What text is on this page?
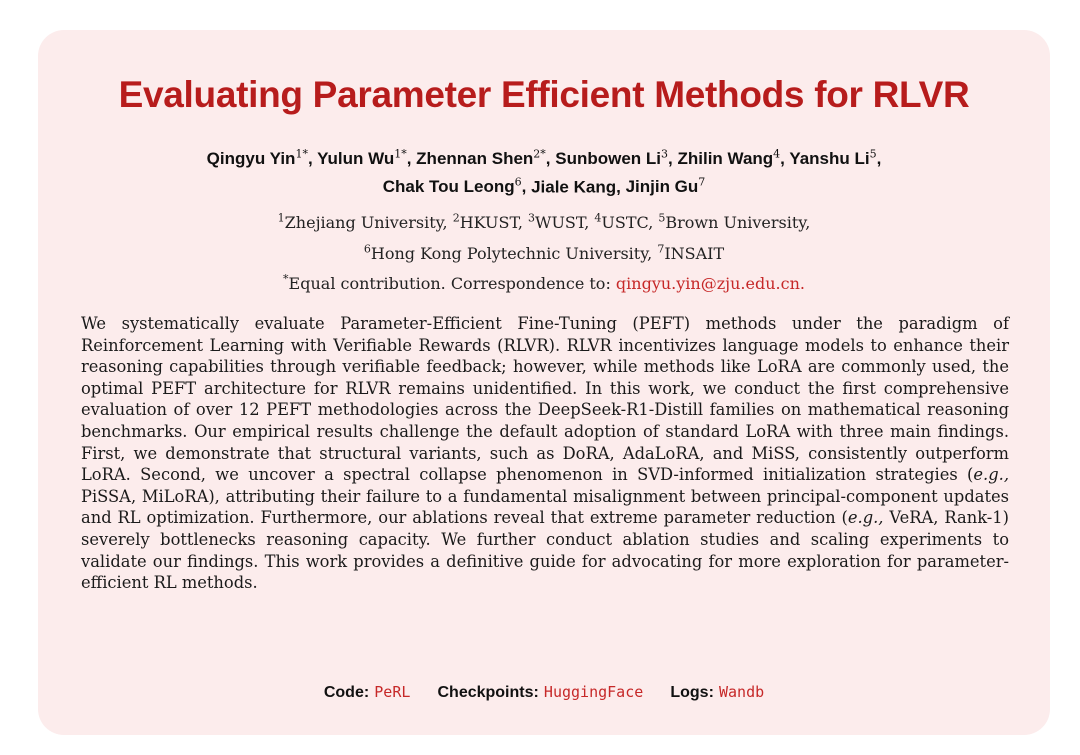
Evaluating Parameter Efficient Methods for RLVR
Qingyu Yin$^{1*}$, Yulun $Wu^{1*}$, Zhennan Shen$^{2*}$, Sunbowen Li$^3$, Zhilin Wang$^4$, Yanshu Li$^5$,
Chak Tou Leong$^6$, Jiale Kang, Jinjin Gu$^7$
$^1$Zhejiang University, $^2$HKUST, $^3$WUST, $^4$USTC, $^5$Brown University,
$^6$Hong Kong Polytechnic University, $^7$INSAIT
*Equal contribution. Correspondence to: qingyu.yin@zju.edu.cn.

We systematically evaluate Parameter-Efficient Fine-Tuning (PEFT) methods under the paradigm of Reinforcement Learning with Verifiable Rewards (RLVR). RLVR incentivizes language models to enhance their reasoning capabilities through verifiable feedback; however, while methods like LoRA are commonly used, the optimal PEFT architecture for RLVR remains unidentified. In this work, we conduct the first comprehensive evaluation of over 12 PEFT methodologies across the DeepSeek-R1-Distill families on mathematical reasoning benchmarks. Our empirical results challenge the default adoption of standard LoRA with three main findings. First, we demonstrate that structural variants, such as DoRA, AdaLoRA, and MiSS, consistently outperform LoRA. Second, we uncover a spectral collapse phenomenon in SVD-informed initialization strategies (e.g., PiSSA, MiLoRA), attributing their failure to a fundamental misalignment between principal-component updates and RL optimization. Furthermore, our ablations reveal that extreme parameter reduction (e.g., VeRA, Rank-1) severely bottlenecks reasoning capacity. We further conduct ablation studies and scaling experiments to validate our findings. This work provides a definitive guide for advocating for more exploration for parameter-efficient RL methods.

Code: PeRL Checkpoints: HuggingFace Logs: Wandb
